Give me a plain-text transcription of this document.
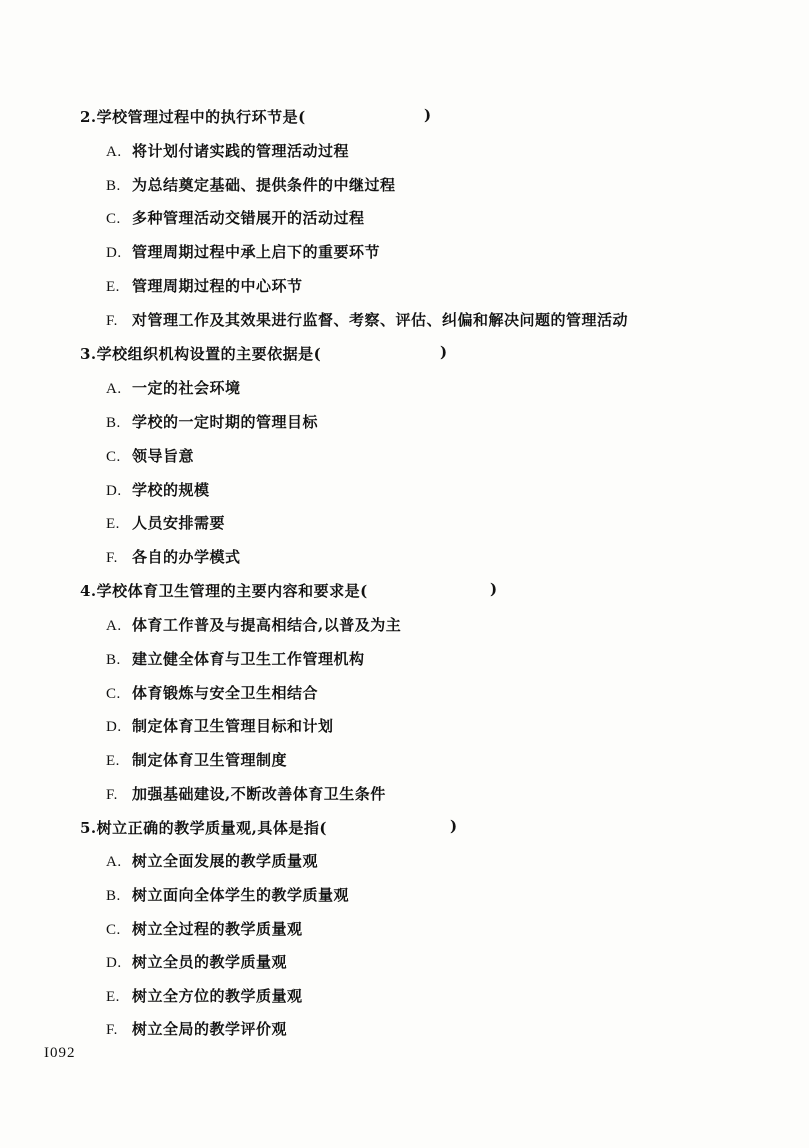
2.学校管理过程中的执行环节是(	)
A. 将计划付诸实践的管理活动过程
B. 为总结奠定基础、提供条件的中继过程
C. 多种管理活动交错展开的活动过程
D. 管理周期过程中承上启下的重要环节
E. 管理周期过程的中心环节
F. 对管理工作及其效果进行监督、考察、评估、纠偏和解决问题的管理活动
3.学校组织机构设置的主要依据是(	)
A. 一定的社会环境
B. 学校的一定时期的管理目标
C. 领导旨意
D. 学校的规模
E. 人员安排需要
F. 各自的办学模式
4.学校体育卫生管理的主要内容和要求是(	)
A. 体育工作普及与提高相结合,以普及为主
B. 建立健全体育与卫生工作管理机构
C. 体育锻炼与安全卫生相结合
D. 制定体育卫生管理目标和计划
E. 制定体育卫生管理制度
F. 加强基础建设,不断改善体育卫生条件
5.树立正确的教学质量观,具体是指(	)
A. 树立全面发展的教学质量观
B. 树立面向全体学生的教学质量观
C. 树立全过程的教学质量观
D. 树立全员的教学质量观
E. 树立全方位的教学质量观
F. 树立全局的教学评价观
I092
